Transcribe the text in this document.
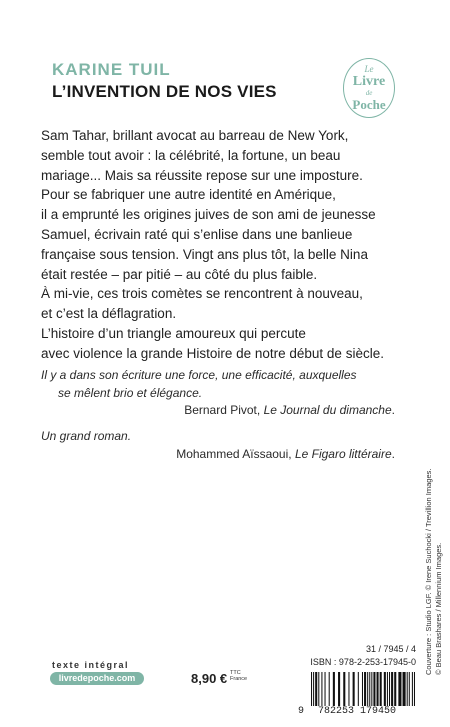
KARINE TUIL
L’INVENTION DE NOS VIES
Le
Livre
de
Poche
Sam Tahar, brillant avocat au barreau de New York,
semble tout avoir : la célébrité, la fortune, un beau
mariage... Mais sa réussite repose sur une imposture.
Pour se fabriquer une autre identité en Amérique,
il a emprunté les origines juives de son ami de jeunesse
Samuel, écrivain raté qui s’enlise dans une banlieue
française sous tension. Vingt ans plus tôt, la belle Nina
était restée – par pitié – au côté du plus faible.
À mi-vie, ces trois comètes se rencontrent à nouveau,
et c’est la déflagration.
L’histoire d’un triangle amoureux qui percute
avec violence la grande Histoire de notre début de siècle.
Il y a dans son écriture une force, une efficacité, auxquelles
se mêlent brio et élégance.
Bernard Pivot, Le Journal du dimanche.
Un grand roman.
Mohammed Aïssaoui, Le Figaro littéraire.
Couverture : Studio LGF. © Irene Suchocki / Trevillion Images. © Beau Brashares / Millennium Images.
texte intégral
livredepoche.com	8,90 € TTC
France
31 / 7945 / 4
ISBN : 978-2-253-17945-0
9 782253 179450
